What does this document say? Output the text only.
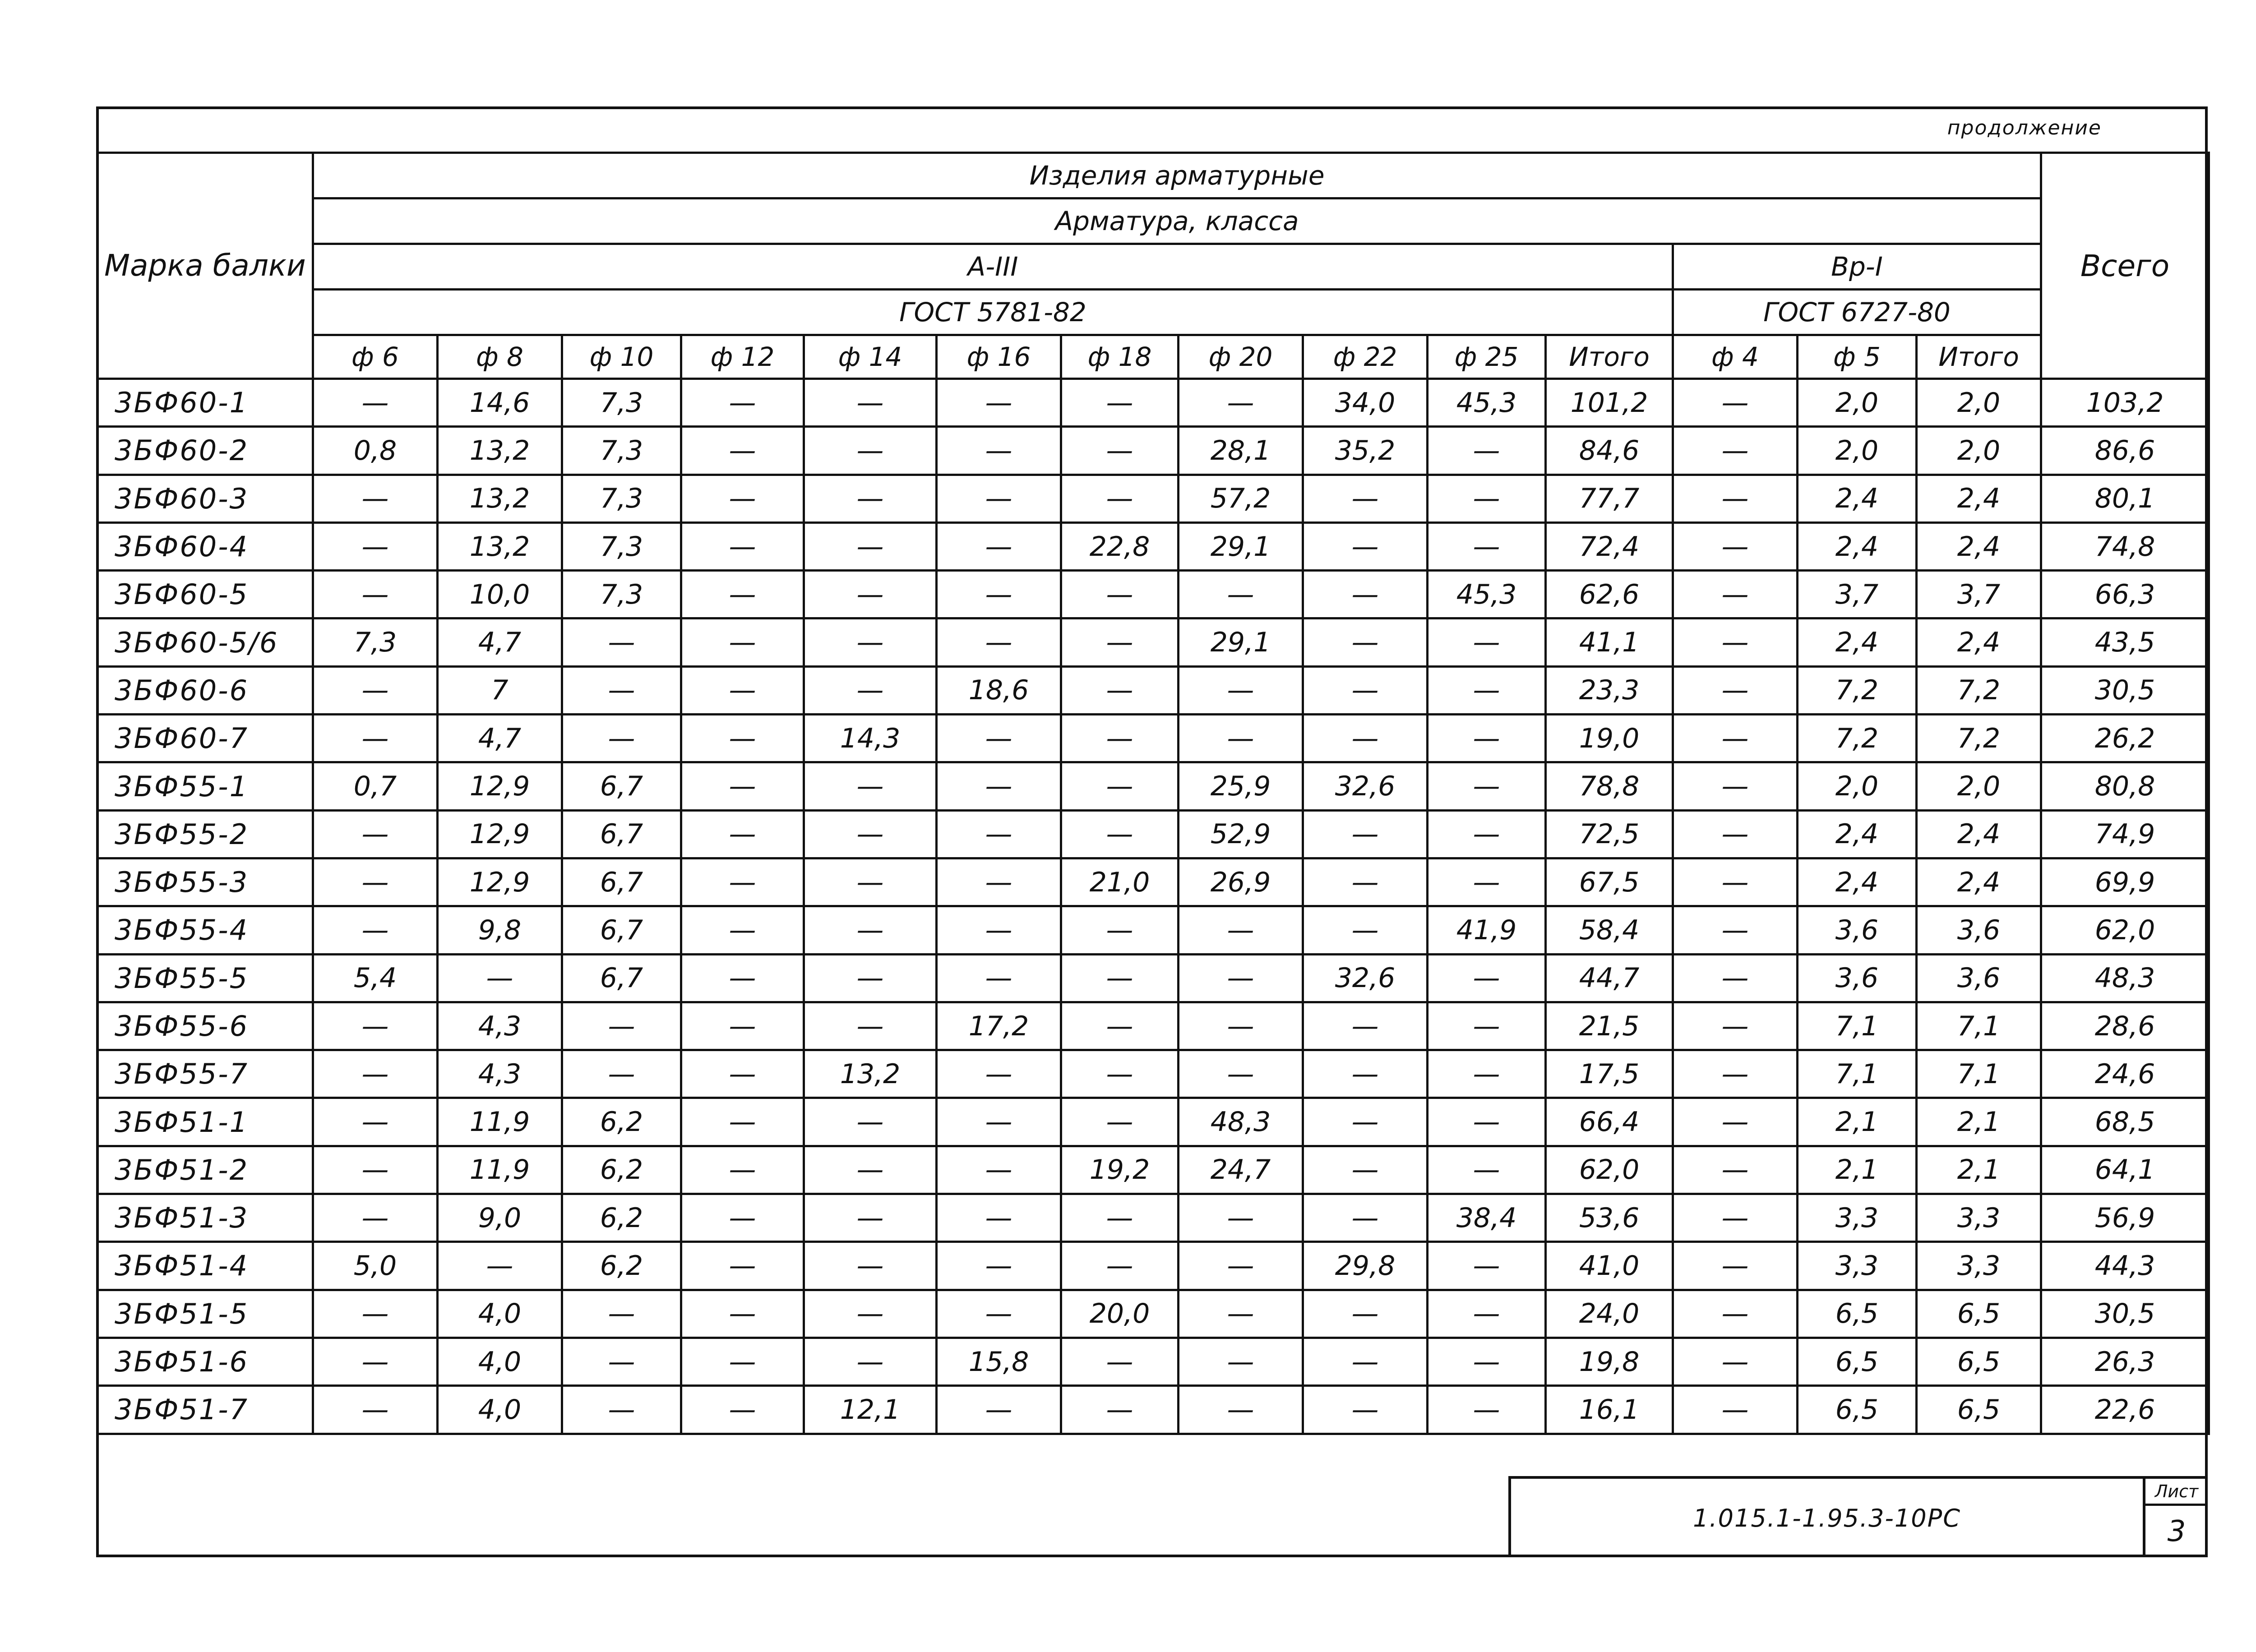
продолжение
Марка балки	Изделия арматурные														Всего
	Арматура, класса														
	А-III											Вр-I			
	ГОСТ 5781-82											ГОСТ 6727-80			
	ф 6	ф 8	ф 10	ф 12	ф 14	ф 16	ф 18	ф 20	ф 22	ф 25	Итого	ф 4	ф 5	Итого	
3БФ60-1	—	14,6	7,3	—	—	—	—	—	34,0	45,3	101,2	—	2,0	2,0	103,2
3БФ60-2	0,8	13,2	7,3	—	—	—	—	28,1	35,2	—	84,6	—	2,0	2,0	86,6
3БФ60-3	—	13,2	7,3	—	—	—	—	57,2	—	—	77,7	—	2,4	2,4	80,1
3БФ60-4	—	13,2	7,3	—	—	—	22,8	29,1	—	—	72,4	—	2,4	2,4	74,8
3БФ60-5	—	10,0	7,3	—	—	—	—	—	—	45,3	62,6	—	3,7	3,7	66,3
3БФ60-5/6	7,3	4,7	—	—	—	—	—	29,1	—	—	41,1	—	2,4	2,4	43,5
3БФ60-6	—	7	—	—	—	18,6	—	—	—	—	23,3	—	7,2	7,2	30,5
3БФ60-7	—	4,7	—	—	14,3	—	—	—	—	—	19,0	—	7,2	7,2	26,2
3БФ55-1	0,7	12,9	6,7	—	—	—	—	25,9	32,6	—	78,8	—	2,0	2,0	80,8
3БФ55-2	—	12,9	6,7	—	—	—	—	52,9	—	—	72,5	—	2,4	2,4	74,9
3БФ55-3	—	12,9	6,7	—	—	—	21,0	26,9	—	—	67,5	—	2,4	2,4	69,9
3БФ55-4	—	9,8	6,7	—	—	—	—	—	—	41,9	58,4	—	3,6	3,6	62,0
3БФ55-5	5,4	—	6,7	—	—	—	—	—	32,6	—	44,7	—	3,6	3,6	48,3
3БФ55-6	—	4,3	—	—	—	17,2	—	—	—	—	21,5	—	7,1	7,1	28,6
3БФ55-7	—	4,3	—	—	13,2	—	—	—	—	—	17,5	—	7,1	7,1	24,6
3БФ51-1	—	11,9	6,2	—	—	—	—	48,3	—	—	66,4	—	2,1	2,1	68,5
3БФ51-2	—	11,9	6,2	—	—	—	19,2	24,7	—	—	62,0	—	2,1	2,1	64,1
3БФ51-3	—	9,0	6,2	—	—	—	—	—	—	38,4	53,6	—	3,3	3,3	56,9
3БФ51-4	5,0	—	6,2	—	—	—	—	—	29,8	—	41,0	—	3,3	3,3	44,3
3БФ51-5	—	4,0	—	—	—	—	20,0	—	—	—	24,0	—	6,5	6,5	30,5
3БФ51-6	—	4,0	—	—	—	15,8	—	—	—	—	19,8	—	6,5	6,5	26,3
3БФ51-7	—	4,0	—	—	12,1	—	—	—	—	—	16,1	—	6,5	6,5	22,6
1.015.1-1.95.3-10РС
Лист
3
